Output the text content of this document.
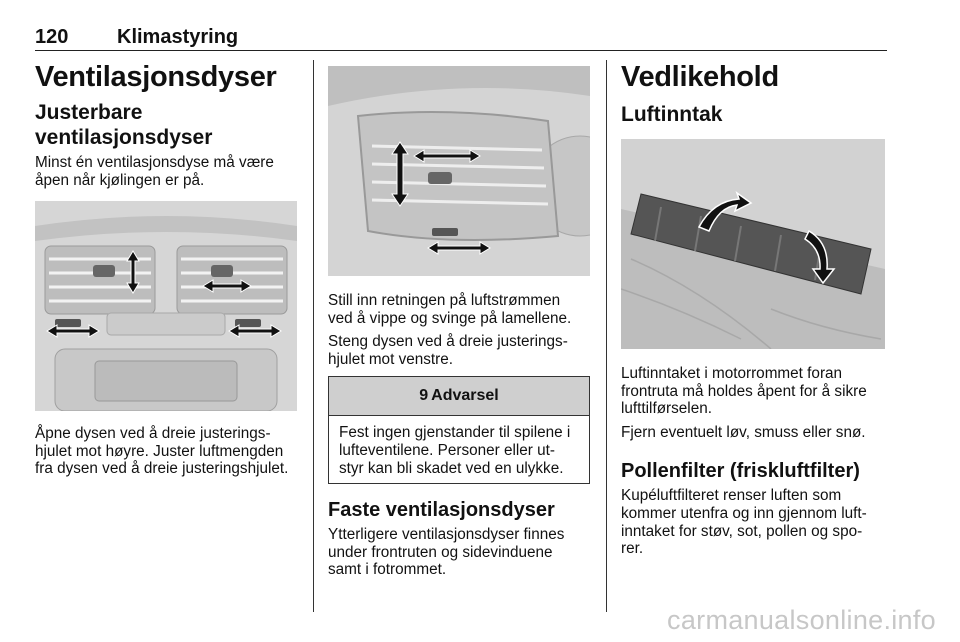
120 Klimastyring
Ventilasjonsdyser
Justerbare
ventilasjonsdyser
Minst én ventilasjonsdyse må være
åpen når kjølingen er på.
Åpne dysen ved å dreie justerings-
hjulet mot høyre. Juster luftmengden
fra dysen ved å dreie justeringshjulet.
Still inn retningen på luftstrømmen
ved å vippe og svinge på lamellene.
Steng dysen ved å dreie justerings-
hjulet mot venstre.
9 Advarsel
Fest ingen gjenstander til spilene i
lufteventilene. Personer eller ut-
styr kan bli skadet ved en ulykke.
Faste ventilasjonsdyser
Ytterligere ventilasjonsdyser finnes
under frontruten og sidevinduene
samt i fotrommet.
Vedlikehold
Luftinntak
Luftinntaket i motorrommet foran
frontruta må holdes åpent for å sikre
lufttilførselen.
Fjern eventuelt løv, smuss eller snø.
Pollenfilter (friskluftfilter)
Kupéluftfilteret renser luften som
kommer utenfra og inn gjennom luft-
inntaket for støv, sot, pollen og spo-
rer.
carmanualsonline.info
